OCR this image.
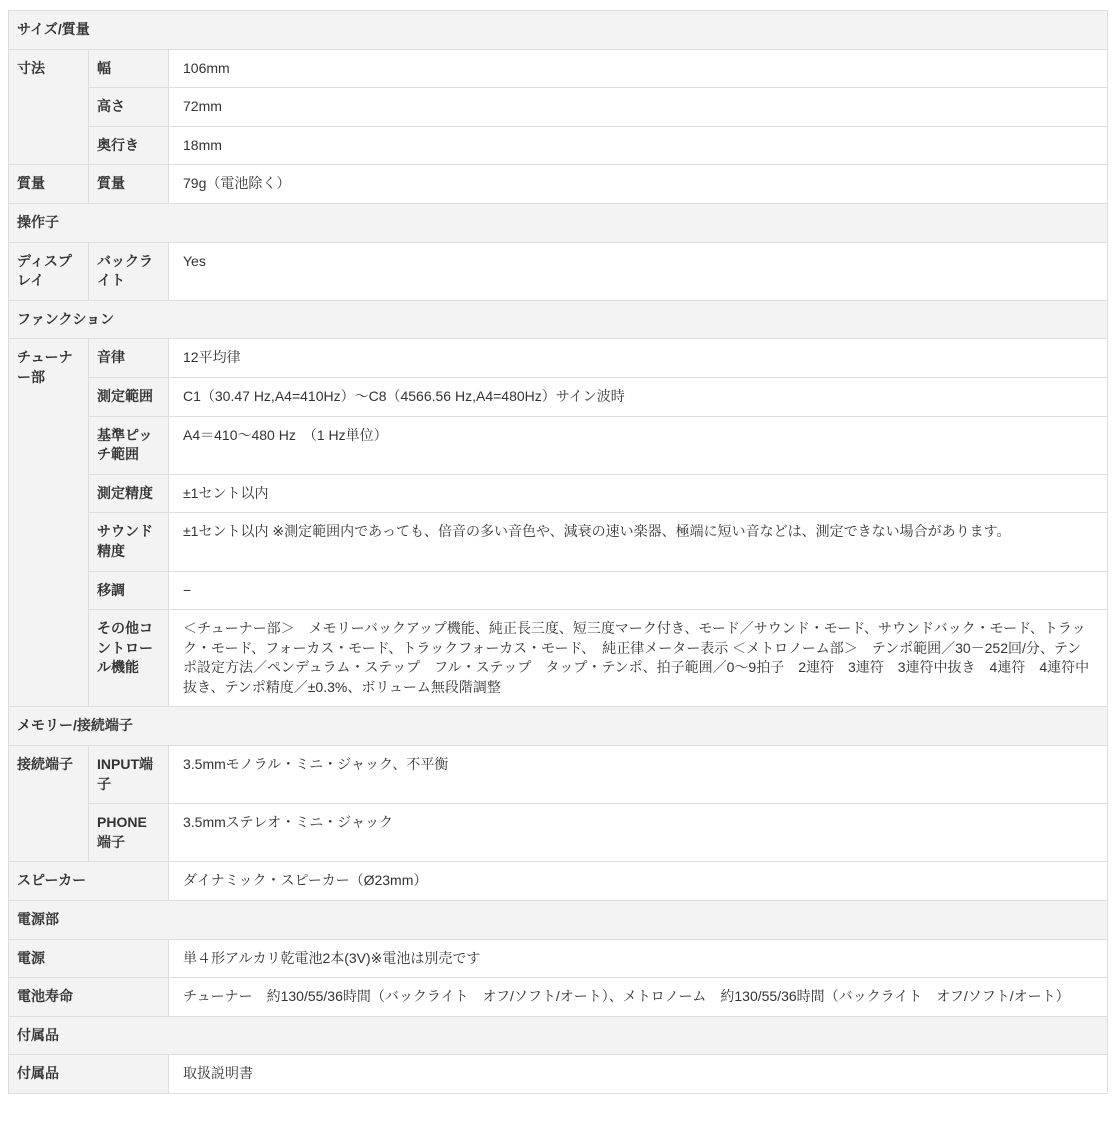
サイズ/質量		
寸法	幅	106mm
	高さ	72mm
	奥行き	18mm
質量	質量	79g（電池除く）
操作子		
ディスプレイ	バックライト	Yes
ファンクション		
チューナー部	音律	12平均律
	測定範囲	C1（30.47 Hz,A4=410Hz）〜C8（4566.56 Hz,A4=480Hz）サイン波時
	基準ピッチ範囲	A4＝410〜480 Hz　（1 Hz単位）
	測定精度	±1セント以内
	サウンド精度	±1セント以内 ※測定範囲内であっても、倍音の多い音色や、減衰の速い楽器、極端に短い音などは、測定できない場合があります。
	移調	−
	その他コントロール機能	＜チューナー部＞　メモリーバックアップ機能、純正長三度、短三度マーク付き、モード／サウンド・モード、サウンドバック・モード、トラック・モード、フォーカス・モード、トラックフォーカス・モード、　純正律メーター表示 ＜メトロノーム部＞　テンポ範囲／30－252回/分、テンポ設定方法／ペンデュラム・ステップ　フル・ステップ　タップ・テンポ、拍子範囲／0〜9拍子　2連符　3連符　3連符中抜き　4連符　4連符中抜き、テンポ精度／±0.3%、ボリューム無段階調整
メモリー/接続端子		
接続端子	INPUT端子	3.5mmモノラル・ミニ・ジャック、不平衡
	PHONE端子	3.5mmステレオ・ミニ・ジャック
スピーカー		ダイナミック・スピーカー（Ø23mm）
電源部		
電源		単４形アルカリ乾電池2本(3V)※電池は別売です
電池寿命		チューナー　約130/55/36時間（バックライト　オフ/ソフト/オート）、メトロノーム　約130/55/36時間（バックライト　オフ/ソフト/オート）
付属品		
付属品		取扱説明書
